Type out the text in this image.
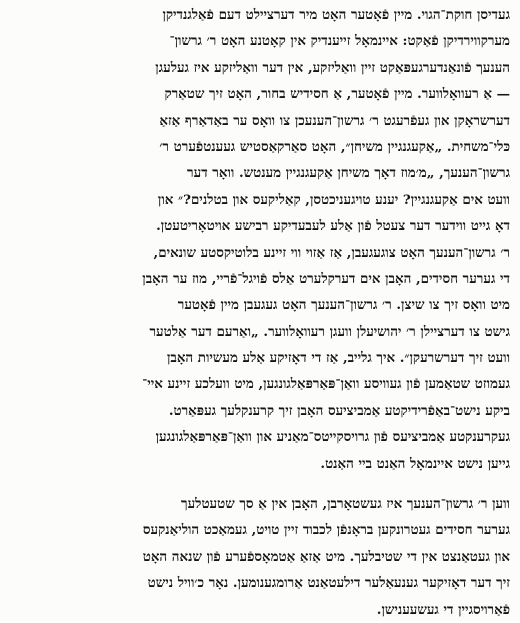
געדיסן חוקת־הגוי. מיין פֿאָטער האָט מיר דערציילט דעם פֿאַלגנדיקן
מערקווירדיקן פֿאַקט: איינמאָל זייענדיק אין קאָטנע האָט ר׳ גרשון־
הענעך פֿונאַנדערגעפּאַקט זיין וואַליזקע, אין דער וואַליזקע איז געלעגן
— אַ רעוואָלווער. מיין פֿאָטער, אַ חסידיש בחור, האָט זיך שטאַרק
דערשראָקן און געפֿרעגט ר׳ גרשון־הענעכן צו וואָס ער באַדאַרף אַזאַ
כּלי־משחית. „אַקעגנגיין משיחן״, האָט סאַרקאַסטיש געענטפֿערט ר׳
גרשון־הענעך, „מ׳מוז דאָך משיחן אַקעגנגיין מענטש. וואָר דער
וועט אים אַקעגנגיין? יענע טויגעניכטסן, קאַליקעס און בטלנים?״ און
דאָ גייט ווידער דער צעטל פֿון אַלע לעבעדיקע רבישע אויטאָריטעטן.
ר׳ גרשון־הענעך האָט צוגעגעבן, אַז אַזוי ווי זיינע בלוטיקסטע שונאים,
די גערער חסידים, האָבן אים דערקלערט אַלס פֿויגל־פֿריי, מוז ער האָבן
מיט וואָס זיך צו שיצן. ר׳ גרשון־הענעך האָט געגעבן מיין פֿאָטער
גישט צו דערציילן ר׳ יהושיעלן וועגן רעוואָלווער. „ואַרעם דער אַלטער
וועט זיך דערשרעקן״. איך גלייב, אַז די דאָזיקע אַלע מעשיות האָבן
געמוזט שטאַמען פֿון געוויסע וואַן־פּאַרפּאַלגונגען, מיט וועלכע זיינע איי־
ביקע נישט־באַפֿרידיקטע אַמביציעס האָבן זיך קרענקלעך געפּאַרט.
געקרענקטע אַמביציעס פֿון גרויסקייטס־מאַניע און וואַן־פּאַרפּאַלגונגען
גייען נישט איינמאָל האַנט ביי האַנט.
ווען ר׳ גרשון־הענעך איז געשטאָרבן, האָבן אין אַ סך שטעטלעך
גערער חסידים געטרונקען בראָנפֿן לכבוד זיין טויט, געמאַכט הוליאַנקעס
און געטאַנצט אין די שטיבלעך. מיט אַזאַ אַטמאָספֿערע פֿון שנאה האָט
זיך דער דאָזיקער גענעאַלער דילעטאַנט אַרומגענומען. נאָר כ׳וויל נישט
פֿאַרויסגיין די געשעענישן.
